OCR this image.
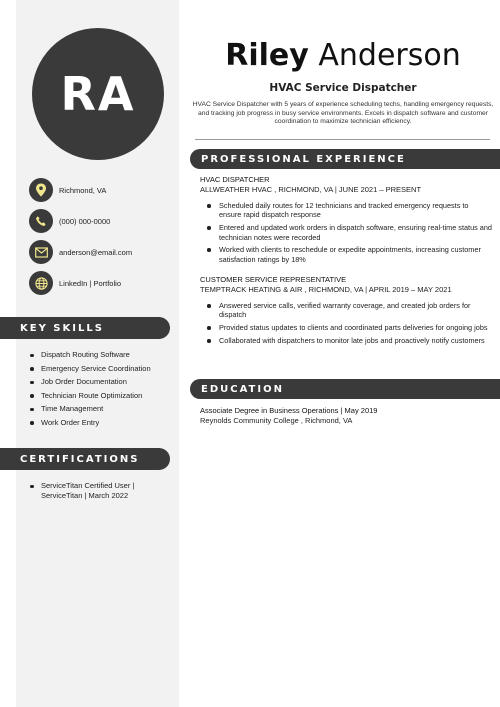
RA
Richmond, VA
(000) 000-0000
anderson@email.com
LinkedIn | Portfolio
KEY SKILLS
Dispatch Routing Software
Emergency Service Coordination
Job Order Documentation
Technician Route Optimization
Time Management
Work Order Entry
CERTIFICATIONS
ServiceTitan Certified User | ServiceTitan | March 2022
Riley Anderson
HVAC Service Dispatcher
HVAC Service Dispatcher with 5 years of experience scheduling techs, handling emergency requests, and tracking job progress in busy service environments. Excels in dispatch software and customer coordination to maximize technician efficiency.
PROFESSIONAL EXPERIENCE
HVAC DISPATCHER
ALLWEATHER HVAC , RICHMOND, VA | JUNE 2021 – PRESENT
Scheduled daily routes for 12 technicians and tracked emergency requests to ensure rapid dispatch response
Entered and updated work orders in dispatch software, ensuring real-time status and technician notes were recorded
Worked with clients to reschedule or expedite appointments, increasing customer satisfaction ratings by 18%
CUSTOMER SERVICE REPRESENTATIVE
TEMPTRACK HEATING & AIR , RICHMOND, VA | APRIL 2019 – MAY 2021
Answered service calls, verified warranty coverage, and created job orders for dispatch
Provided status updates to clients and coordinated parts deliveries for ongoing jobs
Collaborated with dispatchers to monitor late jobs and proactively notify customers
EDUCATION
Associate Degree in Business Operations | May 2019
Reynolds Community College , Richmond, VA
